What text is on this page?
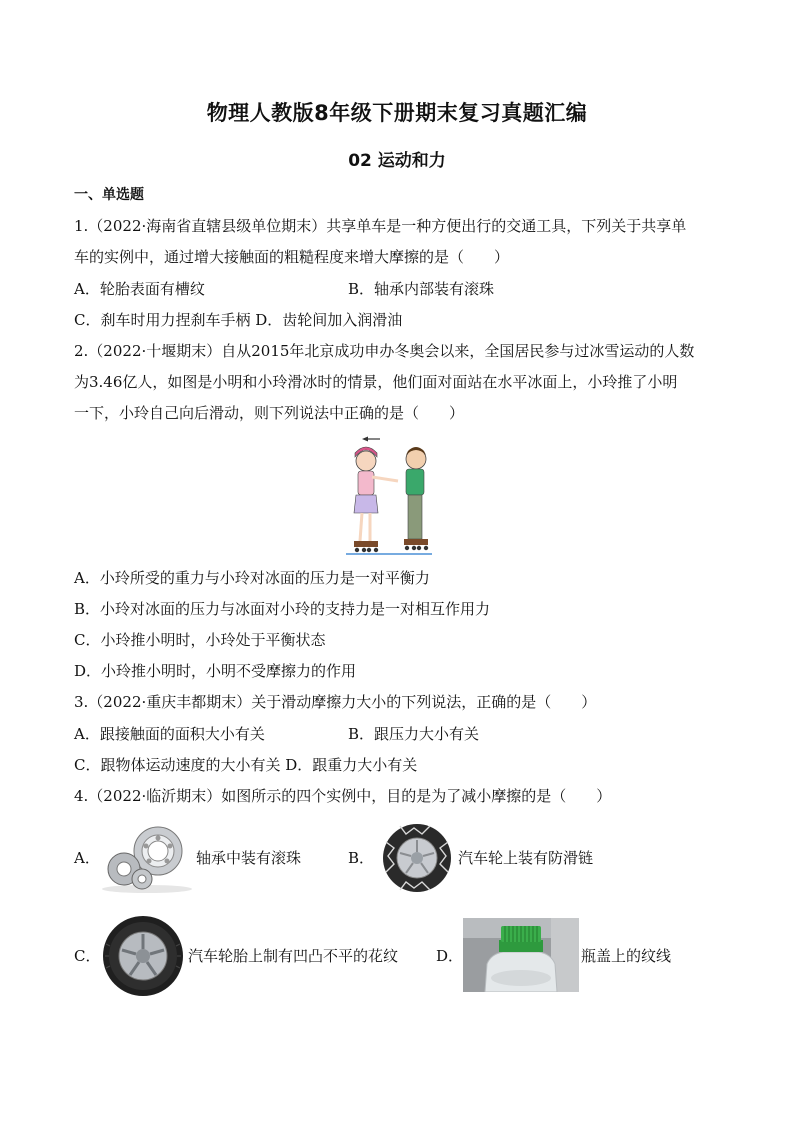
物理人教版8年级下册期末复习真题汇编
02 运动和力
一、单选题
1.（2022·海南省直辖县级单位期末）共享单车是一种方便出行的交通工具，下列关于共享单
车的实例中，通过增大接触面的粗糙程度来增大摩擦的是（　　）
A．轮胎表面有槽纹	B．轴承内部装有滚珠
C．刹车时用力捏刹车手柄 D．齿轮间加入润滑油
2.（2022·十堰期末）自从2015年北京成功申办冬奥会以来，全国居民参与过冰雪运动的人数
为3.46亿人，如图是小明和小玲滑冰时的情景，他们面对面站在水平冰面上，小玲推了小明
一下，小玲自己向后滑动，则下列说法中正确的是（　　）
A．小玲所受的重力与小玲对冰面的压力是一对平衡力
B．小玲对冰面的压力与冰面对小玲的支持力是一对相互作用力
C．小玲推小明时，小玲处于平衡状态
D．小玲推小明时，小明不受摩擦力的作用
3.（2022·重庆丰都期末）关于滑动摩擦力大小的下列说法，正确的是（　　）
A．跟接触面的面积大小有关	B．跟压力大小有关
C．跟物体运动速度的大小有关 D．跟重力大小有关
4.（2022·临沂期末）如图所示的四个实例中，目的是为了减小摩擦的是（　　）
A．	轴承中装有滚珠	B．	汽车轮上装有防滑链
C．	汽车轮胎上制有凹凸不平的花纹	D．	瓶盖上的纹线
